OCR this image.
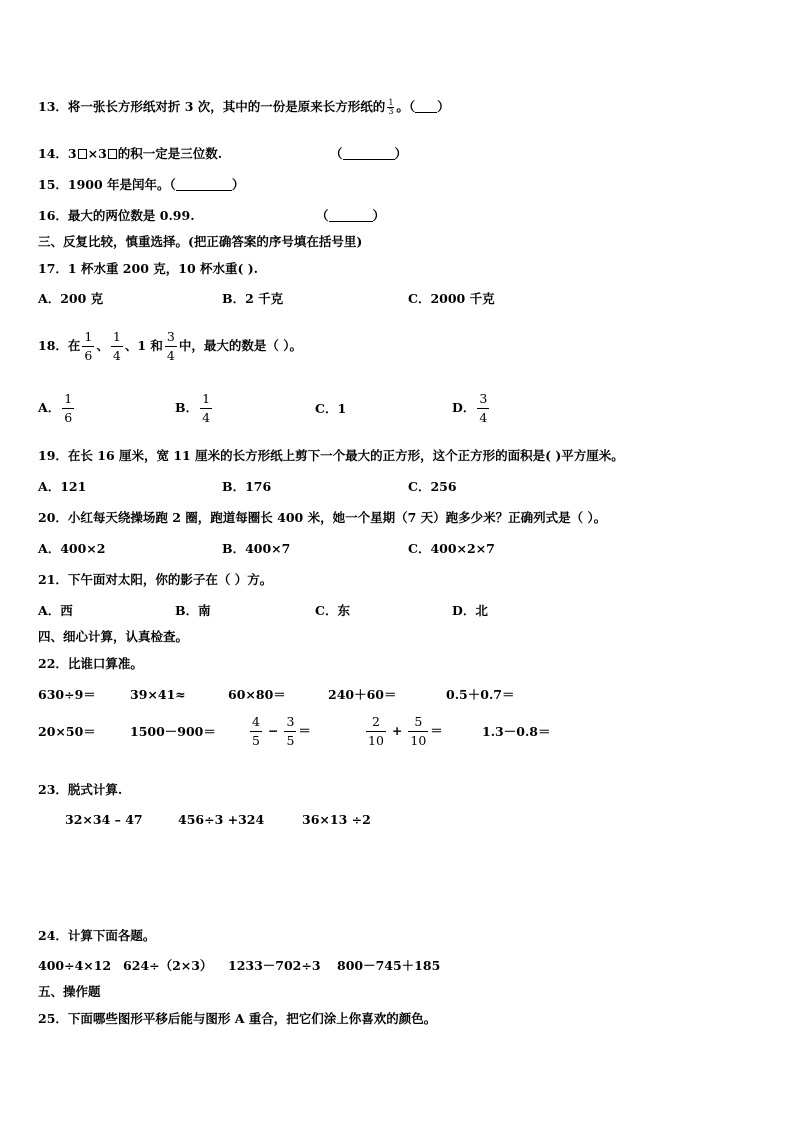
13．将一张长方形纸对折 3 次，其中的一份是原来长方形纸的 $\frac{1}{3}$ 。（ ）
14．3 ×3 的积一定是三位数.	（	）
15．1900 年是闰年。（	）
16．最大的两位数是 0.99.	（	）
三、反复比较，慎重选择。(把正确答案的序号填在括号里)
17．1 杯水重 200 克，10 杯水重( ).
A．200 克	B．2 千克	C．2000 千克
18．在 $\frac{1}{6}$ 、 $\frac{1}{4}$ 、1 和 $\frac{3}{4}$ 中，最大的数是（ ）。
A． $\frac{1}{6}$	B． $\frac{1}{4}$	C．1	D． $\frac{3}{4}$
19．在长 16 厘米，宽 11 厘米的长方形纸上剪下一个最大的正方形，这个正方形的面积是( )平方厘米。
A．121	B．176	C．256
20．小红每天绕操场跑 2 圈，跑道每圈长 400 米，她一个星期（7 天）跑多少米？正确列式是（ ）。
A．400×2	B．400×7	C．400×2×7
21．下午面对太阳，你的影子在（ ）方。
A．西	B．南	C．东	D．北
四、细心计算，认真检查。
22．比谁口算准。
630÷9＝	39×41≈	60×80＝	240＋60＝	0.5＋0.7＝
20×50＝	1500－900＝	$\frac{4}{5} - \frac{3}{5}$ ＝	$\frac{2}{10} + \frac{5}{10}$ ＝	1.3－0.8＝
23．脱式计算.
32×34 – 47	456÷3 +324	36×13 ÷2
24．计算下面各题。
400÷4×12 624÷（2×3） 1233－702÷3 800－745＋185
五、操作题
25．下面哪些图形平移后能与图形 A 重合，把它们涂上你喜欢的颜色。
